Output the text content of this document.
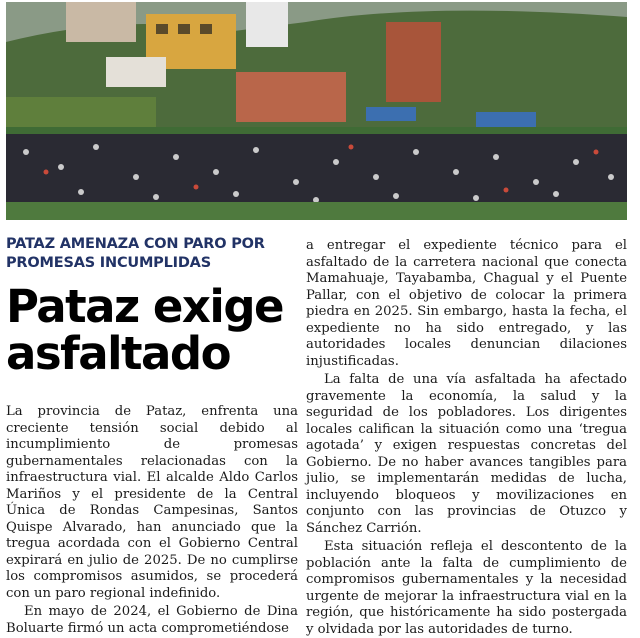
PATAZ AMENAZA CON PARO POR PROMESAS INCUMPLIDAS
Pataz exige asfaltado

La provincia de Pataz, enfrenta una creciente tensión social debido al incumplimiento de promesas gubernamentales relacionadas con la infraestructura vial. El alcalde Aldo Carlos Mariños y el presidente de la Central Única de Rondas Campesinas, Santos Quispe Alvarado, han anunciado que la tregua acordada con el Gobierno Central expirará en julio de 2025. De no cumplirse los compromisos asumidos, se procederá con un paro regional indefinido.

En mayo de 2024, el Gobierno de Dina Boluarte firmó un acta comprometiéndose

a entregar el expediente técnico para el asfaltado de la carretera nacional que conecta Mamahuaje, Tayabamba, Chagual y el Puente Pallar, con el objetivo de colocar la primera piedra en 2025. Sin embargo, hasta la fecha, el expediente no ha sido entregado, y las autoridades locales denuncian dilaciones injustificadas.

La falta de una vía asfaltada ha afectado gravemente la economía, la salud y la seguridad de los pobladores. Los dirigentes locales califican la situación como una ‘tregua agotada’ y exigen respuestas concretas del Gobierno. De no haber avances tangibles para julio, se implementarán medidas de lucha, incluyendo bloqueos y movilizaciones en conjunto con las provincias de Otuzco y Sánchez Carrión.

Esta situación refleja el descontento de la población ante la falta de cumplimiento de compromisos gubernamentales y la necesidad urgente de mejorar la infraestructura vial en la región, que históricamente ha sido postergada y olvidada por las autoridades de turno.
